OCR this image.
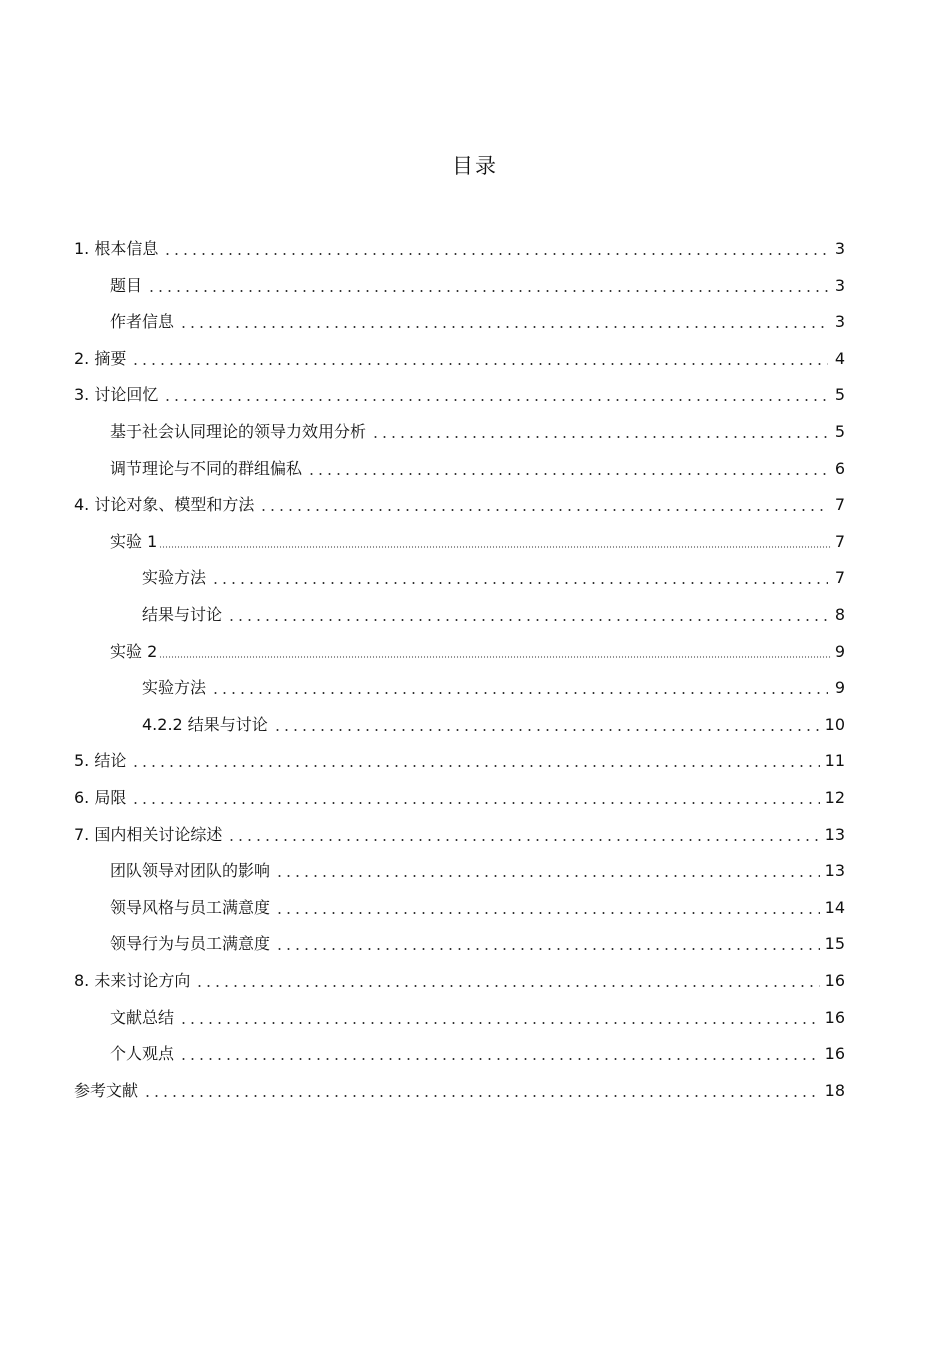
目录
1. 根本信息	3
题目	3
作者信息	3
2. 摘要	4
3. 讨论回忆	5
基于社会认同理论的领导力效用分析	5
调节理论与不同的群组偏私	6
4. 讨论对象、模型和方法	7
实验 1	7
实验方法	7
结果与讨论	8
实验 2	9
实验方法	9
4.2.2 结果与讨论	10
5. 结论	11
6. 局限	12
7. 国内相关讨论综述	13
团队领导对团队的影响	13
领导风格与员工满意度	14
领导行为与员工满意度	15
8. 未来讨论方向	16
文献总结	16
个人观点	16
参考文献	18
